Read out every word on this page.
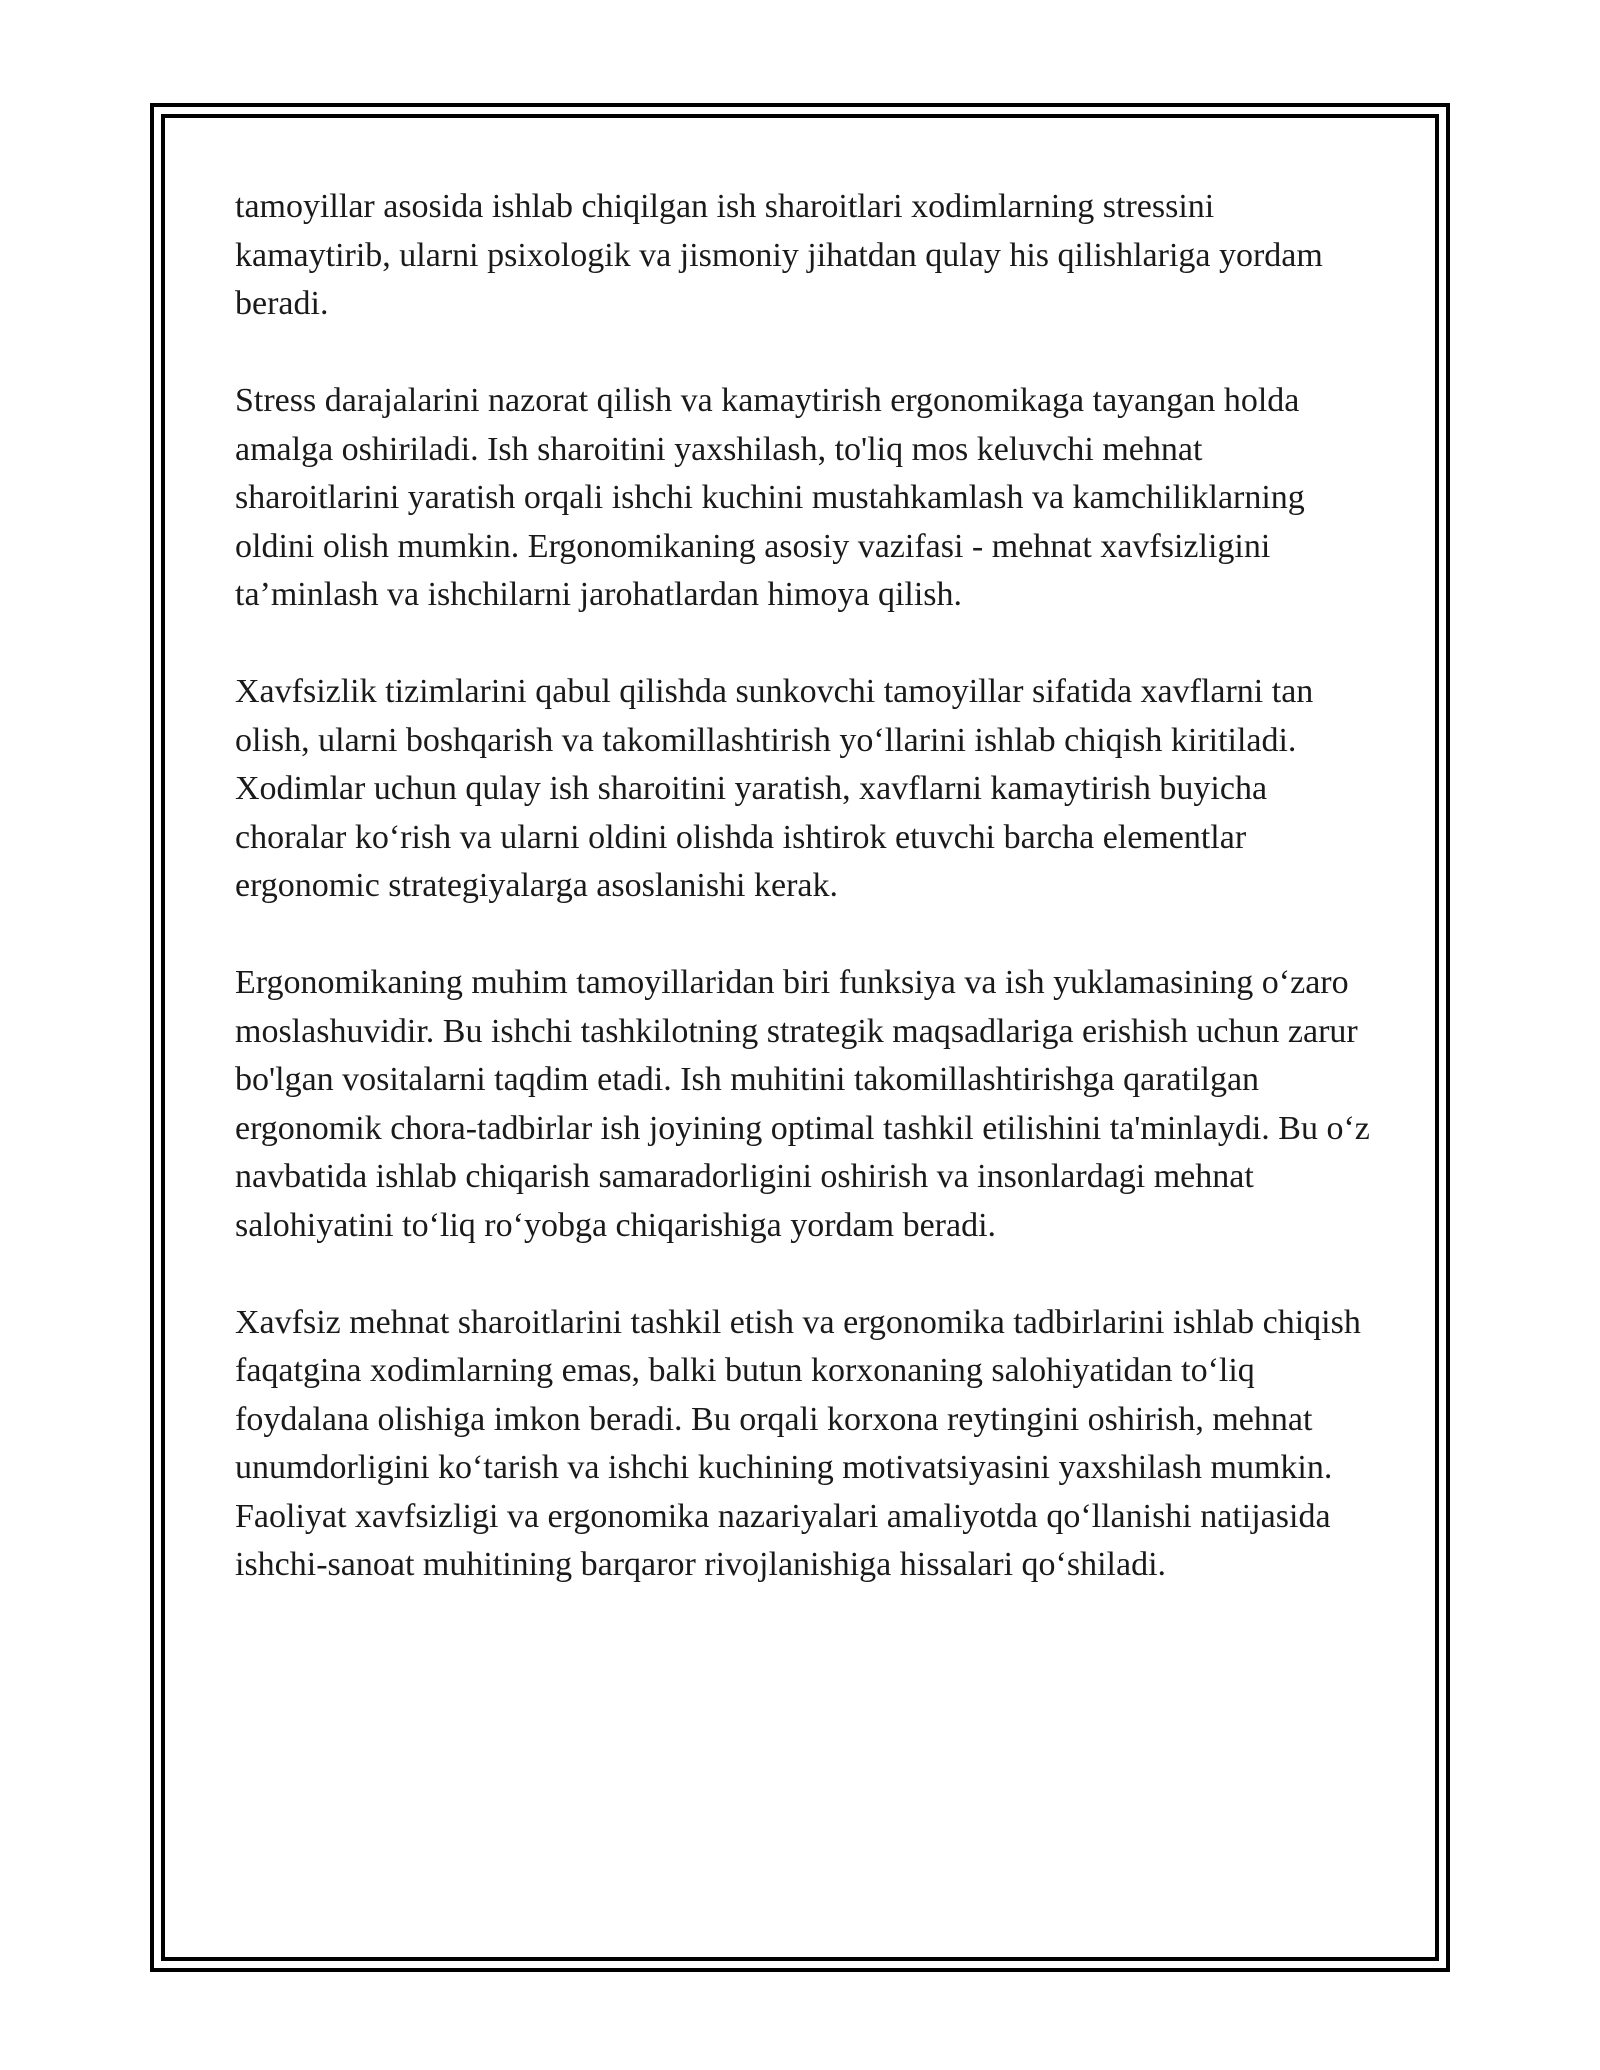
tamoyillar asosida ishlab chiqilgan ish sharoitlari xodimlarning stressini kamaytirib, ularni psixologik va jismoniy jihatdan qulay his qilishlariga yordam beradi.

Stress darajalarini nazorat qilish va kamaytirish ergonomikaga tayangan holda amalga oshiriladi. Ish sharoitini yaxshilash, to'liq mos keluvchi mehnat sharoitlarini yaratish orqali ishchi kuchini mustahkamlash va kamchiliklarning oldini olish mumkin. Ergonomikaning asosiy vazifasi - mehnat xavfsizligini ta’minlash va ishchilarni jarohatlardan himoya qilish.

Xavfsizlik tizimlarini qabul qilishda sunkovchi tamoyillar sifatida xavflarni tan olish, ularni boshqarish va takomillashtirish yo‘llarini ishlab chiqish kiritiladi. Xodimlar uchun qulay ish sharoitini yaratish, xavflarni kamaytirish buyicha choralar ko‘rish va ularni oldini olishda ishtirok etuvchi barcha elementlar ergonomic strategiyalarga asoslanishi kerak.

Ergonomikaning muhim tamoyillaridan biri funksiya va ish yuklamasining o‘zaro moslashuvidir. Bu ishchi tashkilotning strategik maqsadlariga erishish uchun zarur bo'lgan vositalarni taqdim etadi. Ish muhitini takomillashtirishga qaratilgan ergonomik chora-tadbirlar ish joyining optimal tashkil etilishini ta'minlaydi. Bu o‘z navbatida ishlab chiqarish samaradorligini oshirish va insonlardagi mehnat salohiyatini to‘liq ro‘yobga chiqarishiga yordam beradi.

Xavfsiz mehnat sharoitlarini tashkil etish va ergonomika tadbirlarini ishlab chiqish faqatgina xodimlarning emas, balki butun korxonaning salohiyatidan to‘liq foydalana olishiga imkon beradi. Bu orqali korxona reytingini oshirish, mehnat unumdorligini ko‘tarish va ishchi kuchining motivatsiyasini yaxshilash mumkin. Faoliyat xavfsizligi va ergonomika nazariyalari amaliyotda qo‘llanishi natijasida ishchi-sanoat muhitining barqaror rivojlanishiga hissalari qo‘shiladi.
